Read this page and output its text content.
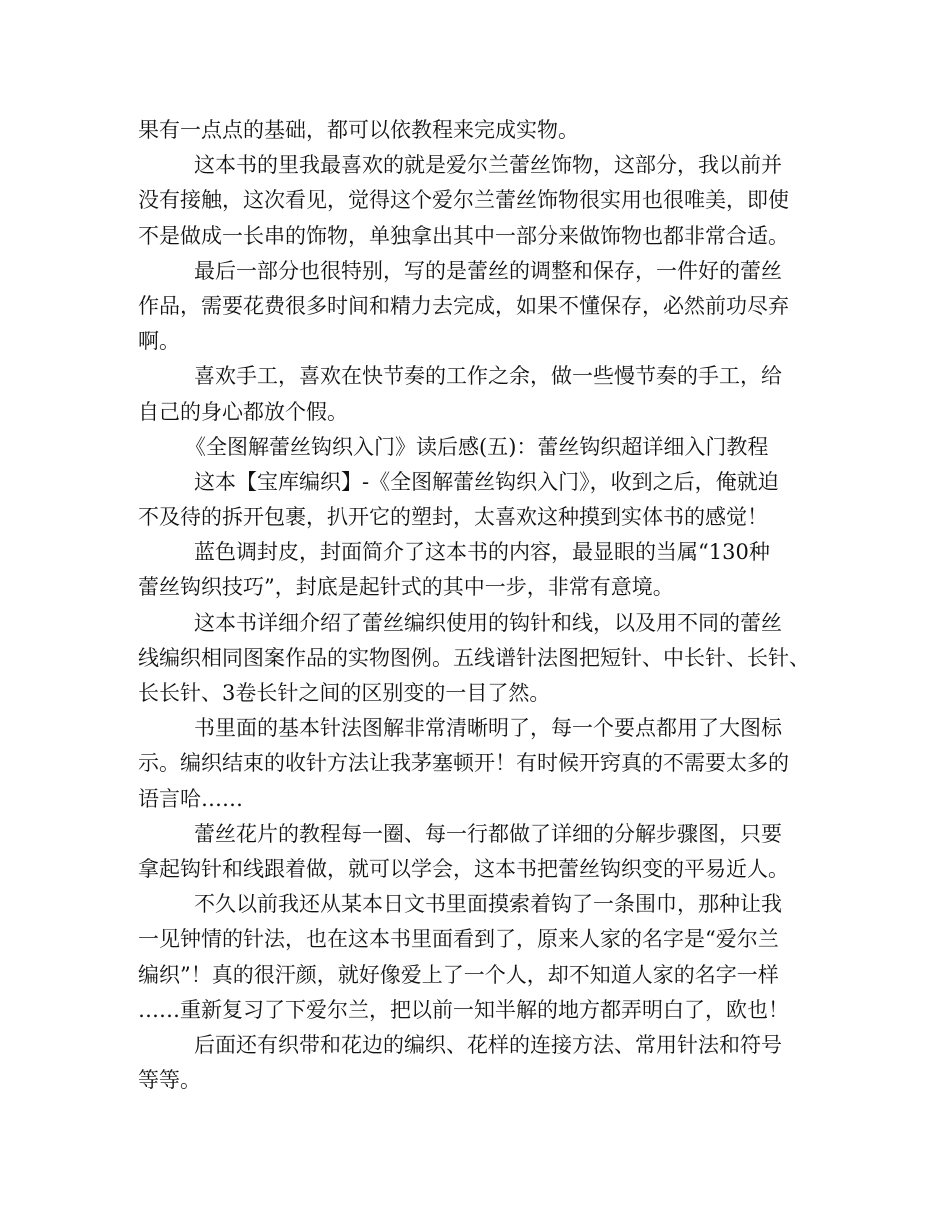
果有一点点的基础，都可以依教程来完成实物。
这本书的里我最喜欢的就是爱尔兰蕾丝饰物，这部分，我以前并
没有接触，这次看见，觉得这个爱尔兰蕾丝饰物很实用也很唯美，即使
不是做成一长串的饰物，单独拿出其中一部分来做饰物也都非常合适。
最后一部分也很特别，写的是蕾丝的调整和保存，一件好的蕾丝
作品，需要花费很多时间和精力去完成，如果不懂保存，必然前功尽弃
啊。
喜欢手工，喜欢在快节奏的工作之余，做一些慢节奏的手工，给
自己的身心都放个假。
《全图解蕾丝钩织入门》读后感(五)：蕾丝钩织超详细入门教程
这本【宝库编织】-《全图解蕾丝钩织入门》，收到之后，俺就迫
不及待的拆开包裹，扒开它的塑封，太喜欢这种摸到实体书的感觉！
蓝色调封皮，封面简介了这本书的内容，最显眼的当属“130种
蕾丝钩织技巧”，封底是起针式的其中一步，非常有意境。
这本书详细介绍了蕾丝编织使用的钩针和线，以及用不同的蕾丝
线编织相同图案作品的实物图例。五线谱针法图把短针、中长针、长针、
长长针、3卷长针之间的区别变的一目了然。
书里面的基本针法图解非常清晰明了，每一个要点都用了大图标
示。编织结束的收针方法让我茅塞顿开！有时候开窍真的不需要太多的
语言哈……
蕾丝花片的教程每一圈、每一行都做了详细的分解步骤图，只要
拿起钩针和线跟着做，就可以学会，这本书把蕾丝钩织变的平易近人。
不久以前我还从某本日文书里面摸索着钩了一条围巾，那种让我
一见钟情的针法，也在这本书里面看到了，原来人家的名字是“爱尔兰
编织”！真的很汗颜，就好像爱上了一个人，却不知道人家的名字一样
……重新复习了下爱尔兰，把以前一知半解的地方都弄明白了，欧也！
后面还有织带和花边的编织、花样的连接方法、常用针法和符号
等等。
